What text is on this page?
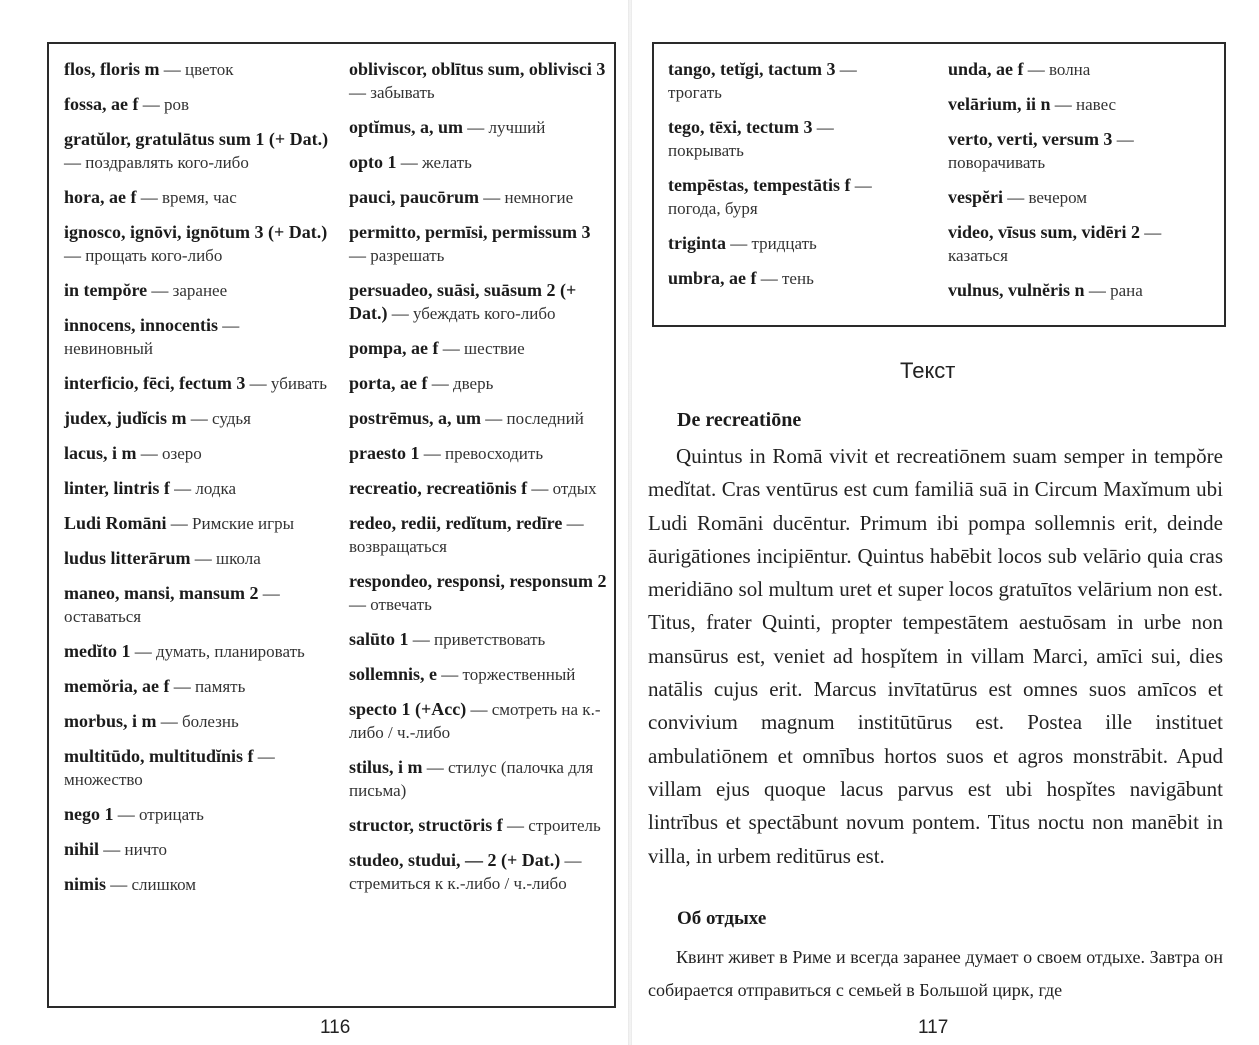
flos, floris m — цветок
fossa, ae f — ров
gratŭlor, gratulātus sum 1 (+ Dat.) — поздравлять кого-либо
hora, ae f — время, час
ignosco, ignōvi, ignōtum 3 (+ Dat.) — прощать кого-либо
in tempŏre — заранее
innocens, innocentis — невиновный
interficio, fēci, fectum 3 — убивать
judex, judĭcis m — судья
lacus, i m — озеро
linter, lintris f — лодка
Ludi Romāni — Римские игры
ludus litterārum — школа
maneo, mansi, mansum 2 — оставаться
medĭto 1 — думать, планировать
memŏria, ae f — память
morbus, i m — болезнь
multitūdo, multitudĭnis f — множество
nego 1 — отрицать
nihil — ничто
nimis — слишком
obliviscor, oblītus sum, oblivisci 3 — забывать
optĭmus, a, um — лучший
opto 1 — желать
pauci, paucōrum — немногие
permitto, permīsi, permissum 3 — разрешать
persuadeo, suāsi, suāsum 2 (+ Dat.) — убеждать кого-либо
pompa, ae f — шествие
porta, ae f — дверь
postrēmus, a, um — последний
praesto 1 — превосходить
recreatio, recreatiōnis f — отдых
redeo, redii, redĭtum, redīre — возвращаться
respondeo, responsi, responsum 2 — отвечать
salūto 1 — приветствовать
sollemnis, e — торжественный
specto 1 (+Acc) — смотреть на к.-либо / ч.-либо
stilus, i m — стилус (палочка для письма)
structor, structōris f — строитель
studeo, studui, — 2 (+ Dat.) — стремиться к к.-либо / ч.-либо
116
tango, tetĭgi, tactum 3 — трогать
tego, tēxi, tectum 3 — покрывать
tempēstas, tempestātis f — погода, буря
triginta — тридцать
umbra, ae f — тень
unda, ae f — волна
velārium, ii n — навес
verto, verti, versum 3 — поворачивать
vespĕri — вечером
video, vīsus sum, vidēri 2 — казаться
vulnus, vulnĕris n — рана
Текст
De recreatiōne
Quintus in Romā vivit et recreatiōnem suam semper in tempŏre medĭtat. Cras ventūrus est cum familiā suā in Circum Maxĭmum ubi Ludi Romāni ducēntur. Primum ibi pompa sollemnis erit, deinde āurigātiones incipiēntur. Quintus habēbit locos sub velārio quia cras meridiāno sol multum uret et super locos gratuītos velārium non est. Titus, frater Quinti, propter tempestātem aestuōsam in urbe non mansūrus est, veniet ad hospĭtem in villam Marci, amīci sui, dies natālis cujus erit. Marcus invītatūrus est omnes suos amīcos et convivium magnum institūtūrus est. Postea ille instituet ambulatiōnem et omnībus hortos suos et agros monstrābit. Apud villam ejus quoque lacus parvus est ubi hospĭtes navigābunt lintrībus et spectābunt novum pontem. Titus noctu non manēbit in villa, in urbem reditūrus est.
Об отдыхе
Квинт живет в Риме и всегда заранее думает о своем отдыхе. Завтра он собирается отправиться с семьей в Большой цирк, где
117
